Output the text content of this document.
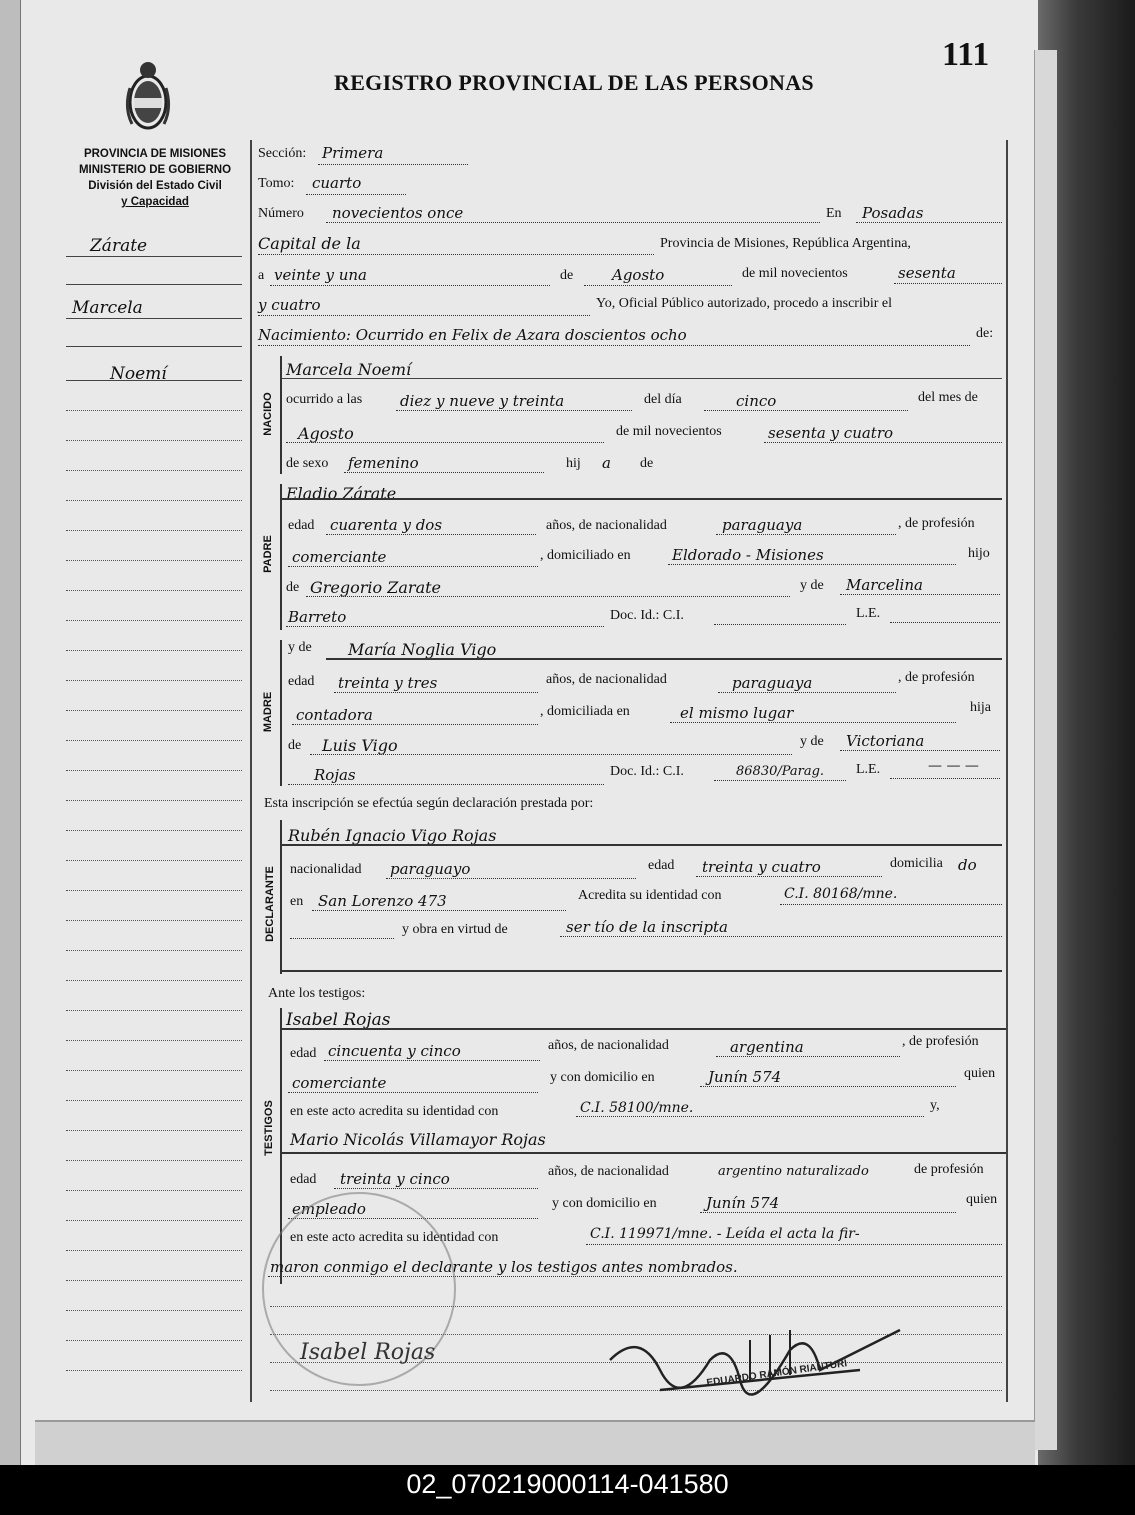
PROVINCIA DE MISIONES
MINISTERIO DE GOBIERNO
División del Estado Civil
y Capacidad
REGISTRO PROVINCIAL DE LAS PERSONAS
111
Zárate
Marcela
Noemí
Sección: Primera
Tomo: cuarto
Número novecientos once	En Posadas
Capital de la	Provincia de Misiones, República Argentina,
a veinte y una	de	Agosto	de mil novecientos	sesenta
y cuatro	Yo, Oficial Público autorizado, procedo a inscribir el
Nacimiento: Ocurrido en Felix de Azara doscientos ocho	de:
NACIDO
Marcela Noemí
ocurrido a las	diez y nueve y treinta	del día	cinco	del mes de
Agosto	de mil novecientos	sesenta y cuatro
de sexo femenino	hij a de
PADRE
Eladio Zárate
edad cuarenta y dos	años, de nacionalidad	paraguaya	, de profesión
comerciante	, domiciliado en	Eldorado - Misiones	hijo
de Gregorio Zarate	y de Marcelina
Barreto	Doc. Id.: C.I.	L.E.
MADRE
y de María Noglia Vigo
edad treinta y tres	años, de nacionalidad	paraguaya	, de profesión
contadora	, domiciliada en	el mismo lugar	hija
de Luis Vigo	y de Victoriana
Rojas	Doc. Id.: C.I.	86830/Parag. L.E.	— — —
Esta inscripción se efectúa según declaración prestada por:
DECLARANTE
Rubén Ignacio Vigo Rojas
nacionalidad paraguayo	edad treinta y cuatro	domicilia do
en San Lorenzo 473	Acredita su identidad con	C.I. 80168/mne.
y obra en virtud de	ser tío de la inscripta
Ante los testigos:
TESTIGOS
Isabel Rojas
edad cincuenta y cinco	años, de nacionalidad	argentina	, de profesión
comerciante	y con domicilio en	Junín 574	quien
en este acto acredita su identidad con	C.I. 58100/mne.	y,
Mario Nicolás Villamayor Rojas
edad treinta y cinco	años, de nacionalidad	argentino naturalizado	de profesión
empleado	y con domicilio en	Junín 574	quien
en este acto acredita su identidad con	C.I. 119971/mne. - Leída el acta la fir-
maron conmigo el declarante y los testigos antes nombrados.
Isabel Rojas
EDUARDO RAMÓN RIANTURI
02_070219000114-041580
